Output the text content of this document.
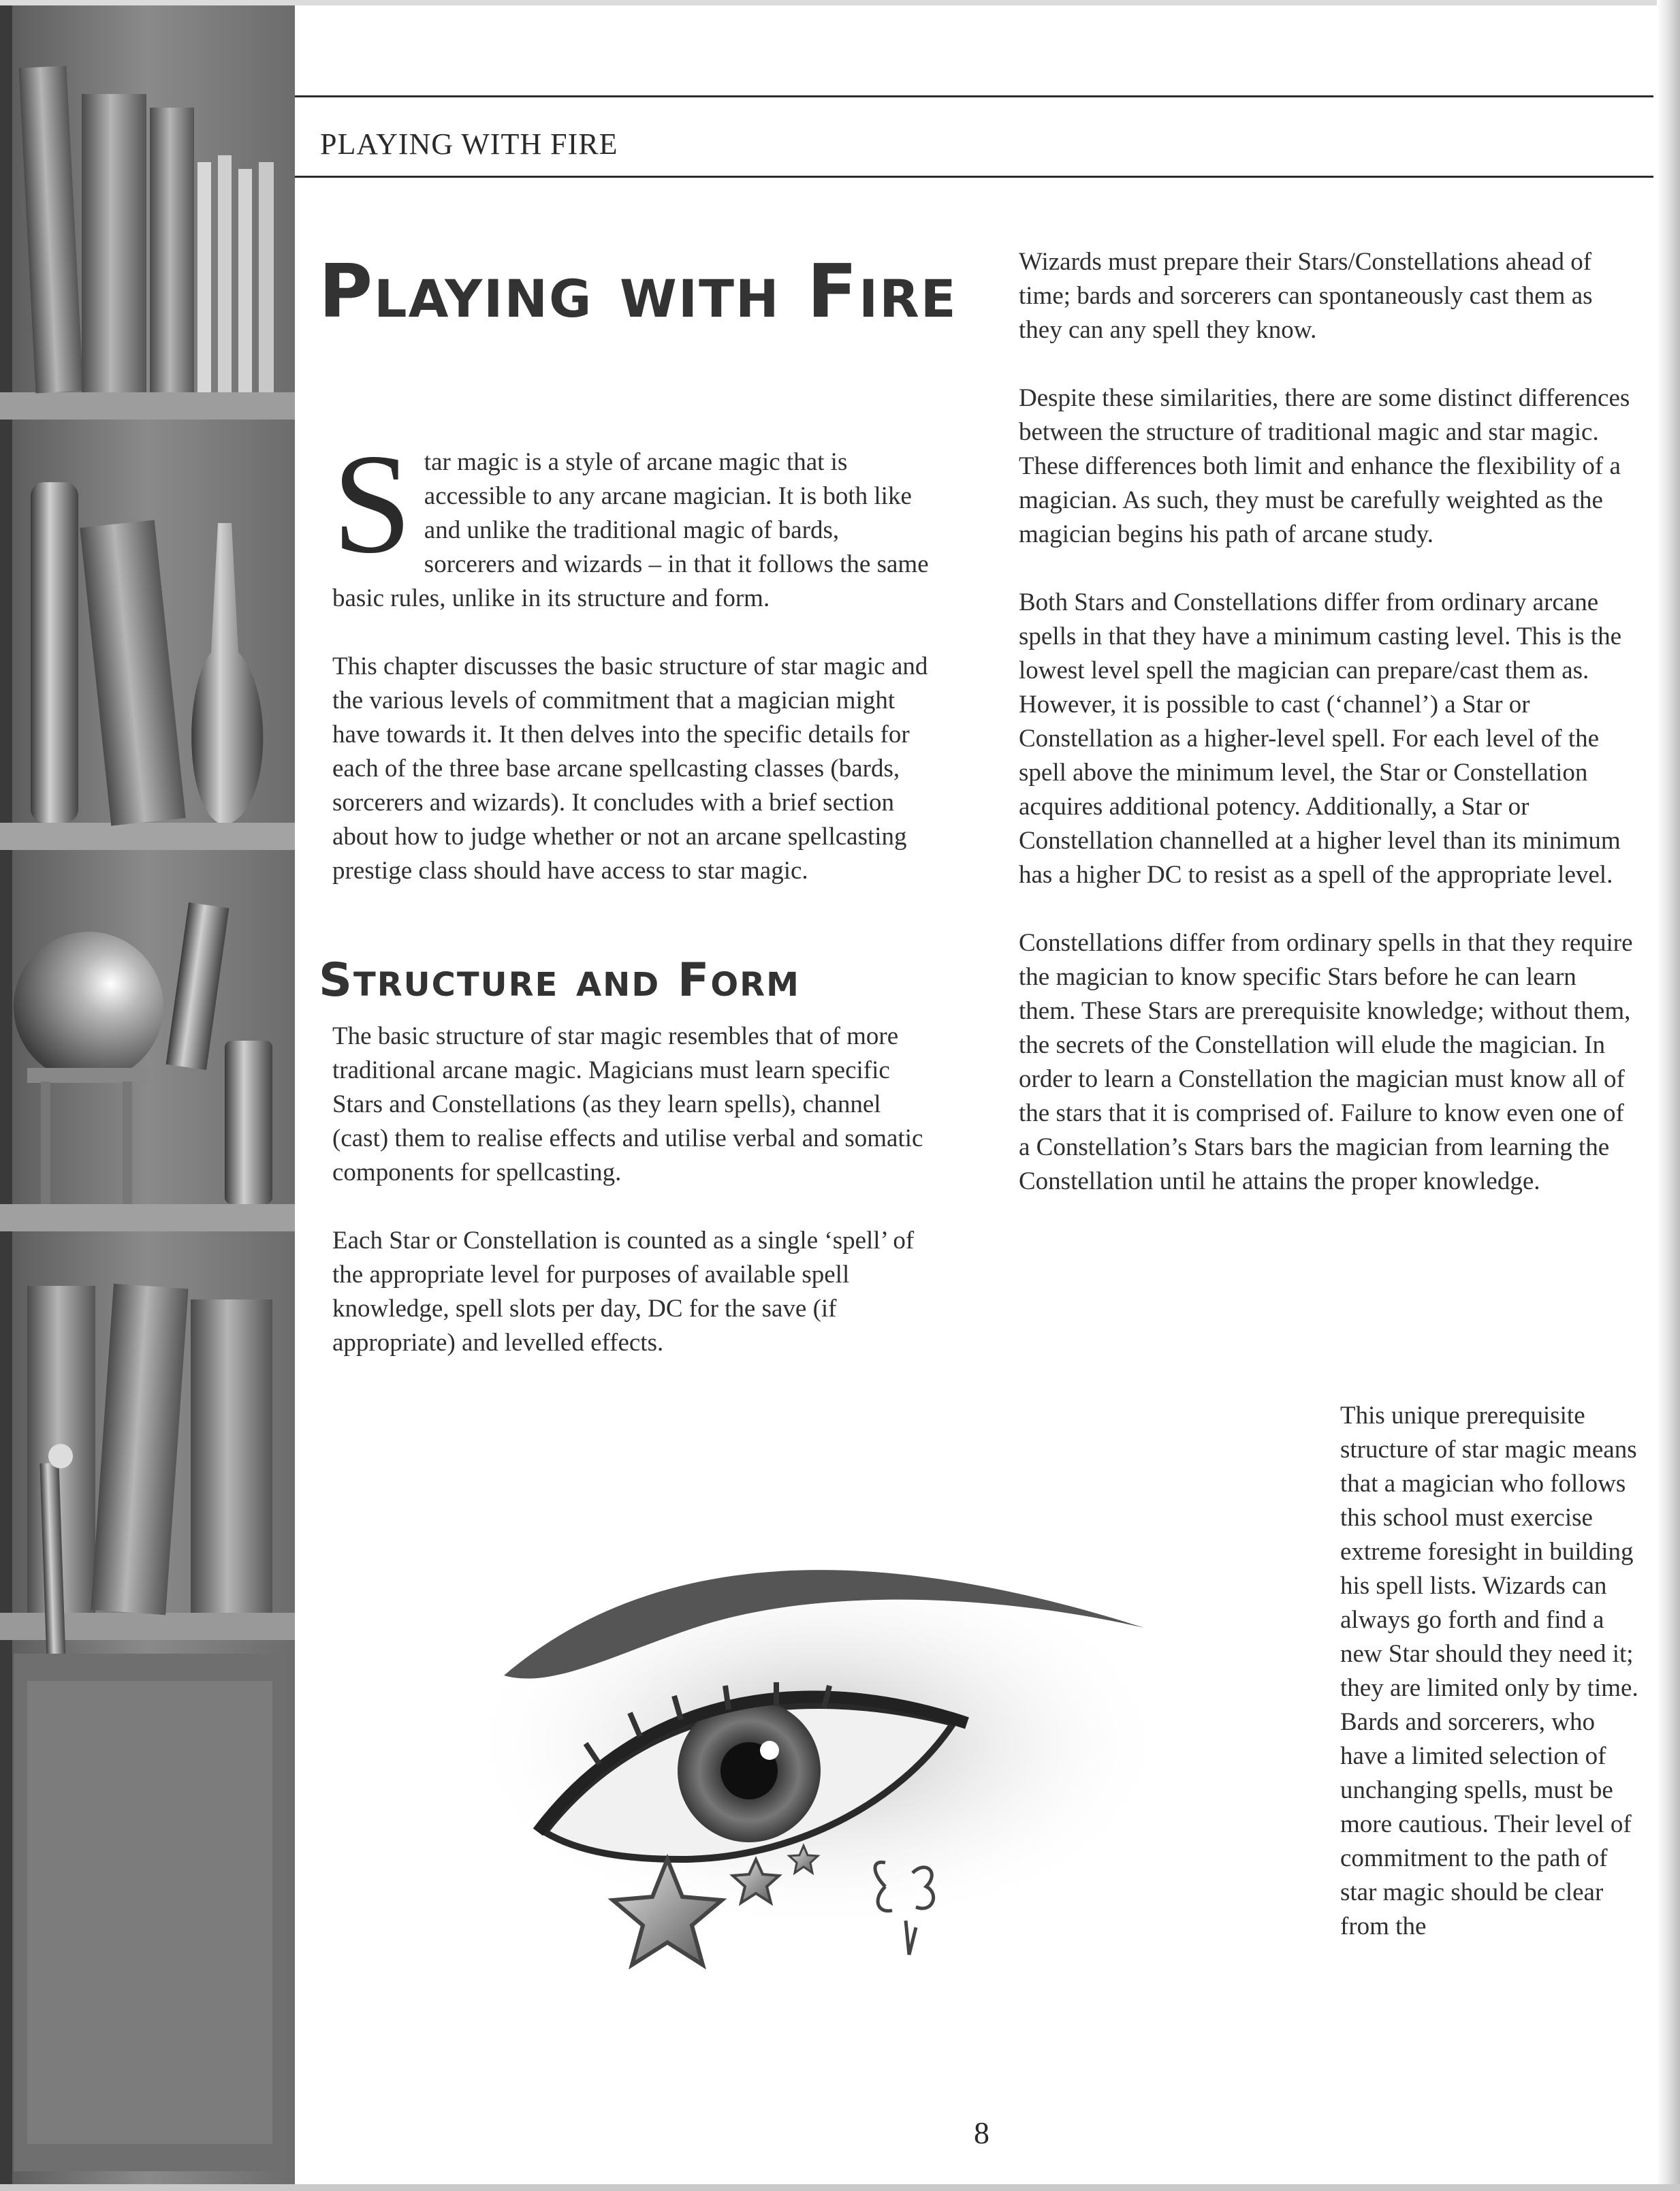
PLAYING WITH FIRE
Playing with Fire

Star magic is a style of arcane magic that is accessible to any arcane magician. It is both like and unlike the traditional magic of bards, sorcerers and wizards – in that it follows the same basic rules, unlike in its structure and form.

This chapter discusses the basic structure of star magic and the various levels of commitment that a magician might have towards it. It then delves into the specific details for each of the three base arcane spellcasting classes (bards, sorcerers and wizards). It concludes with a brief section about how to judge whether or not an arcane spellcasting prestige class should have access to star magic.

Structure and Form

The basic structure of star magic resembles that of more traditional arcane magic. Magicians must learn specific Stars and Constellations (as they learn spells), channel (cast) them to realise effects and utilise verbal and somatic components for spellcasting.

Each Star or Constellation is counted as a single ‘spell’ of the appropriate level for purposes of available spell knowledge, spell slots per day, DC for the save (if appropriate) and levelled effects.

Wizards must prepare their Stars/Constellations ahead of time; bards and sorcerers can spontaneously cast them as they can any spell they know.

Despite these similarities, there are some distinct differences between the structure of traditional magic and star magic. These differences both limit and enhance the flexibility of a magician. As such, they must be carefully weighted as the magician begins his path of arcane study.

Both Stars and Constellations differ from ordinary arcane spells in that they have a minimum casting level. This is the lowest level spell the magician can prepare/cast them as. However, it is possible to cast (‘channel’) a Star or Constellation as a higher-level spell. For each level of the spell above the minimum level, the Star or Constellation acquires additional potency. Additionally, a Star or Constellation channelled at a higher level than its minimum has a higher DC to resist as a spell of the appropriate level.

Constellations differ from ordinary spells in that they require the magician to know specific Stars before he can learn them. These Stars are prerequisite knowledge; without them, the secrets of the Constellation will elude the magician. In order to learn a Constellation the magician must know all of the stars that it is comprised of. Failure to know even one of a Constellation’s Stars bars the magician from learning the Constellation until he attains the proper knowledge.

This unique prerequisite structure of star magic means that a magician who follows this school must exercise extreme foresight in building his spell lists. Wizards can always go forth and find a new Star should they need it; they are limited only by time. Bards and sorcerers, who have a limited selection of unchanging spells, must be more cautious. Their level of commitment to the path of star magic should be clear from the

8
